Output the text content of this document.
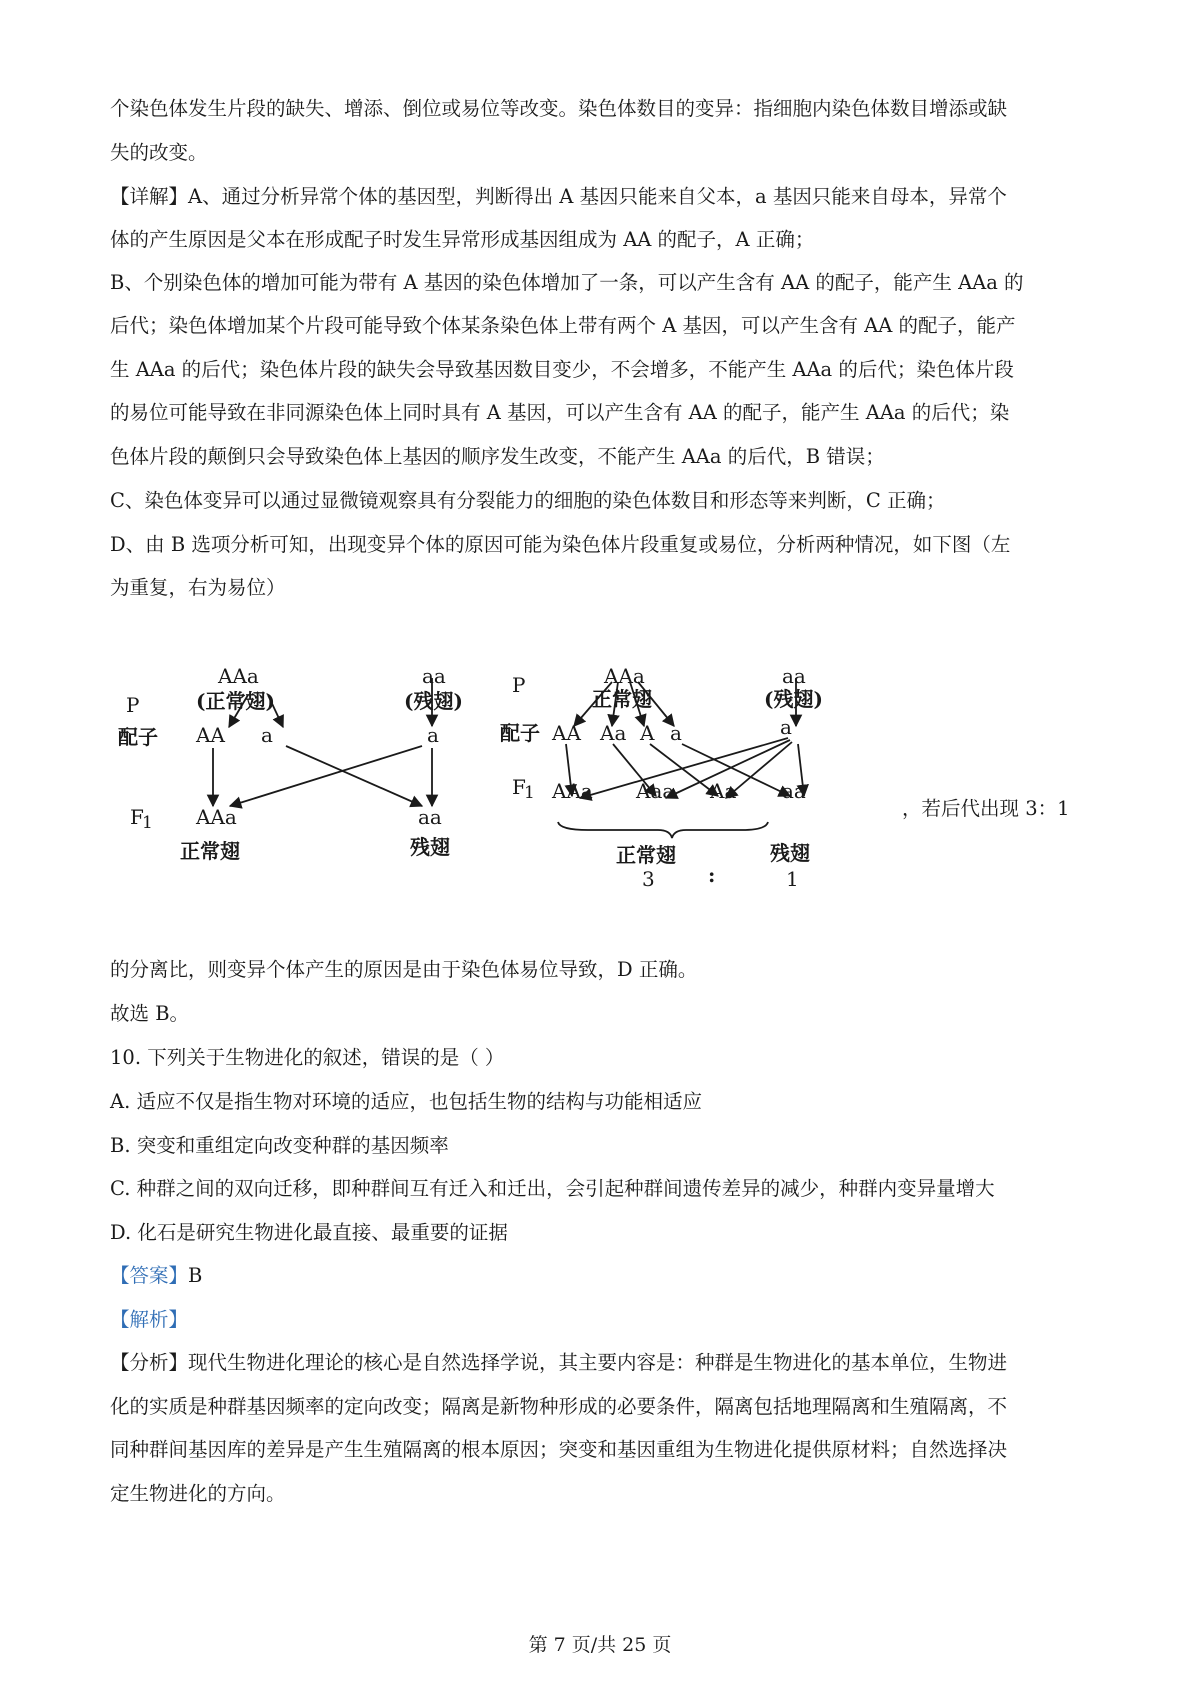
个染色体发生片段的缺失、增添、倒位或易位等改变。染色体数目的变异：指细胞内染色体数目增添或缺
失的改变。
【详解】A、通过分析异常个体的基因型，判断得出 A 基因只能来自父本，a 基因只能来自母本，异常个
体的产生原因是父本在形成配子时发生异常形成基因组成为 AA 的配子，A 正确；
B、个别染色体的增加可能为带有 A 基因的染色体增加了一条，可以产生含有 AA 的配子，能产生 AAa 的
后代；染色体增加某个片段可能导致个体某条染色体上带有两个 A 基因，可以产生含有 AA 的配子，能产
生 AAa 的后代；染色体片段的缺失会导致基因数目变少，不会增多，不能产生 AAa 的后代；染色体片段
的易位可能导致在非同源染色体上同时具有 A 基因，可以产生含有 AA 的配子，能产生 AAa 的后代；染
色体片段的颠倒只会导致染色体上基因的顺序发生改变，不能产生 AAa 的后代，B 错误；
C、染色体变异可以通过显微镜观察具有分裂能力的细胞的染色体数目和形态等来判断，C 正确；
D、由 B 选项分析可知，出现变异个体的原因可能为染色体片段重复或易位，分析两种情况，如下图（左
为重复，右为易位）
P
AAa
(正常翅)
aa
(残翅)
配子 AA a	a
F
1 AAa	aa
正常翅	残翅
P	AAa
正常翅
aa
(残翅)
配子 AA Aa A a	a
F
1 AAa Aaa Aa aa
正常翅	残翅
3	:	1
，若后代出现 3：1
的分离比，则变异个体产生的原因是由于染色体易位导致，D 正确。
故选 B。
10. 下列关于生物进化的叙述，错误的是（ ）
A. 适应不仅是指生物对环境的适应，也包括生物的结构与功能相适应
B. 突变和重组定向改变种群的基因频率
C. 种群之间的双向迁移，即种群间互有迁入和迁出，会引起种群间遗传差异的减少，种群内变异量增大
D. 化石是研究生物进化最直接、最重要的证据
【答案】B
【解析】
【分析】现代生物进化理论的核心是自然选择学说，其主要内容是：种群是生物进化的基本单位，生物进
化的实质是种群基因频率的定向改变；隔离是新物种形成的必要条件，隔离包括地理隔离和生殖隔离，不
同种群间基因库的差异是产生生殖隔离的根本原因；突变和基因重组为生物进化提供原材料；自然选择决
定生物进化的方向。
第 7 页/共 25 页
